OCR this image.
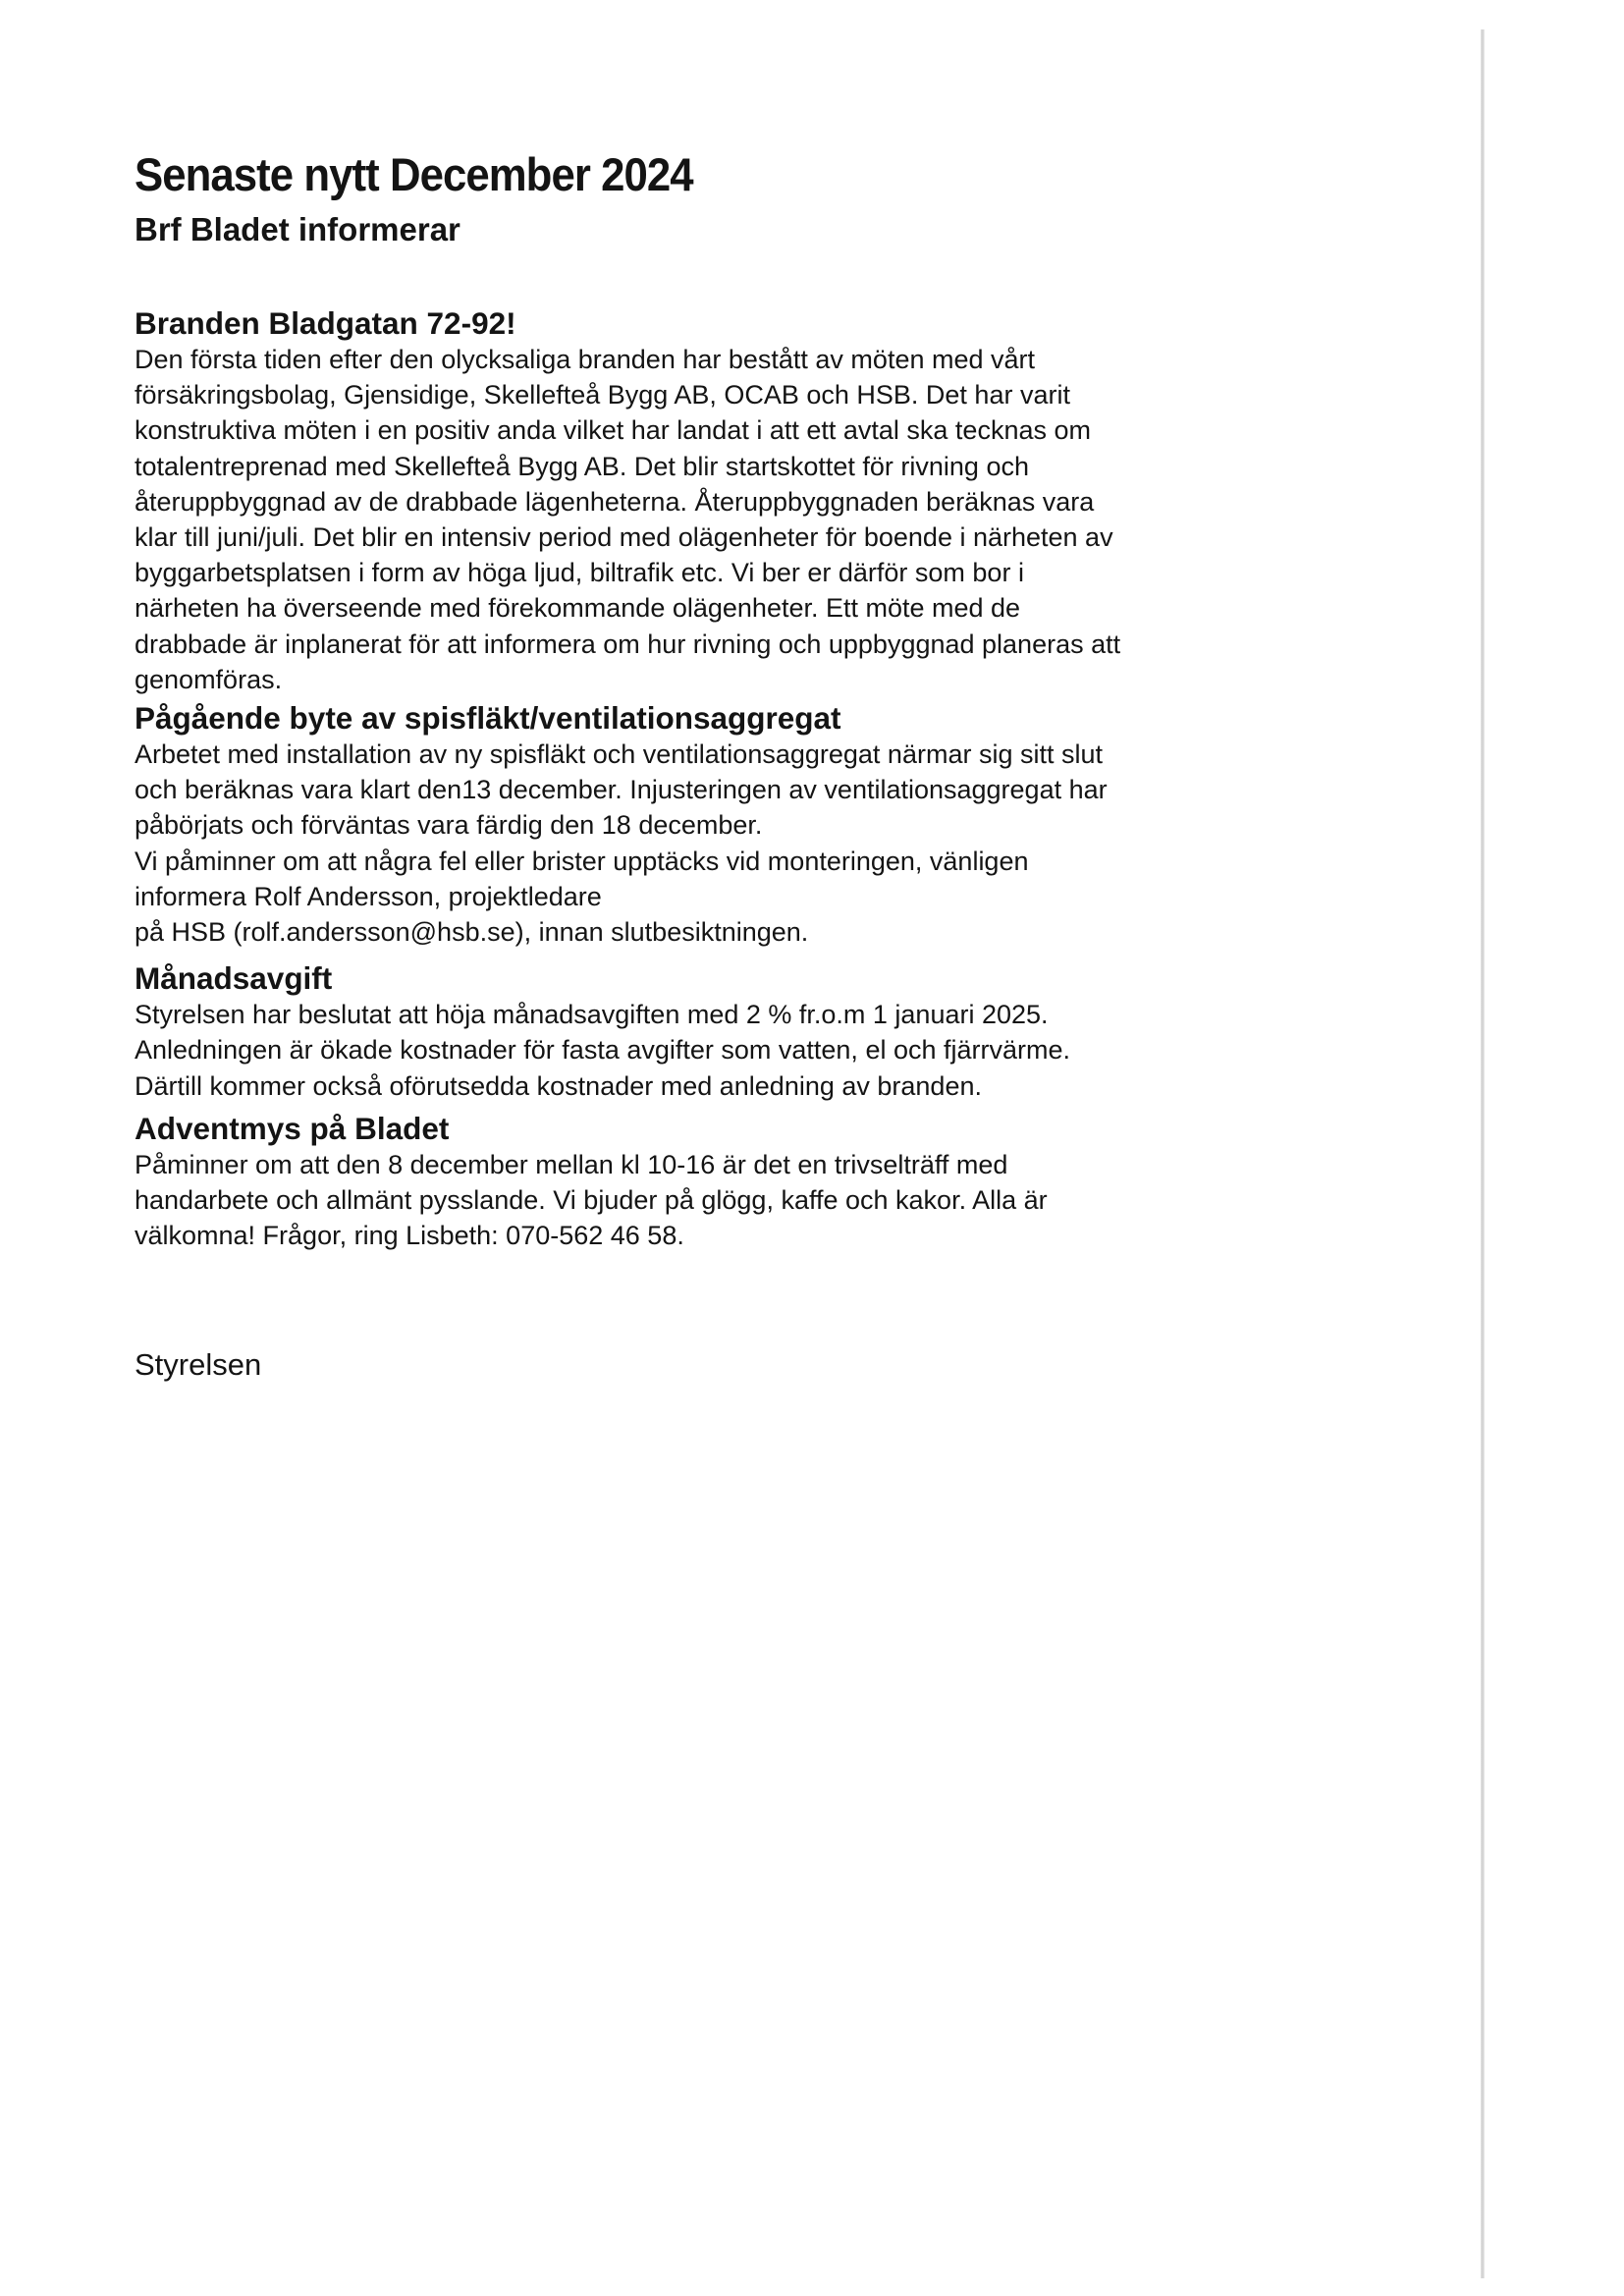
Senaste nytt December 2024
Brf Bladet informerar
Branden Bladgatan 72-92!

Den första tiden efter den olycksaliga branden har bestått av möten med vårt
försäkringsbolag, Gjensidige, Skellefteå Bygg AB, OCAB och HSB. Det har varit
konstruktiva möten i en positiv anda vilket har landat i att ett avtal ska tecknas om
totalentreprenad med Skellefteå Bygg AB. Det blir startskottet för rivning och
återuppbyggnad av de drabbade lägenheterna. Återuppbyggnaden beräknas vara
klar till juni/juli. Det blir en intensiv period med olägenheter för boende i närheten av
byggarbetsplatsen i form av höga ljud, biltrafik etc. Vi ber er därför som bor i
närheten ha överseende med förekommande olägenheter. Ett möte med de
drabbade är inplanerat för att informera om hur rivning och uppbyggnad planeras att
genomföras.

Pågående byte av spisfläkt/ventilationsaggregat

Arbetet med installation av ny spisfläkt och ventilationsaggregat närmar sig sitt slut
och beräknas vara klart den13 december. Injusteringen av ventilationsaggregat har
påbörjats och förväntas vara färdig den 18 december.
Vi påminner om att några fel eller brister upptäcks vid monteringen, vänligen
informera Rolf Andersson, projektledare
på HSB (rolf.andersson@hsb.se), innan slutbesiktningen.

Månadsavgift

Styrelsen har beslutat att höja månadsavgiften med 2 % fr.o.m 1 januari 2025.
Anledningen är ökade kostnader för fasta avgifter som vatten, el och fjärrvärme.
Därtill kommer också oförutsedda kostnader med anledning av branden.

Adventmys på Bladet

Påminner om att den 8 december mellan kl 10-16 är det en trivselträff med
handarbete och allmänt pysslande. Vi bjuder på glögg, kaffe och kakor. Alla är
välkomna! Frågor, ring Lisbeth: 070-562 46 58.

Styrelsen
